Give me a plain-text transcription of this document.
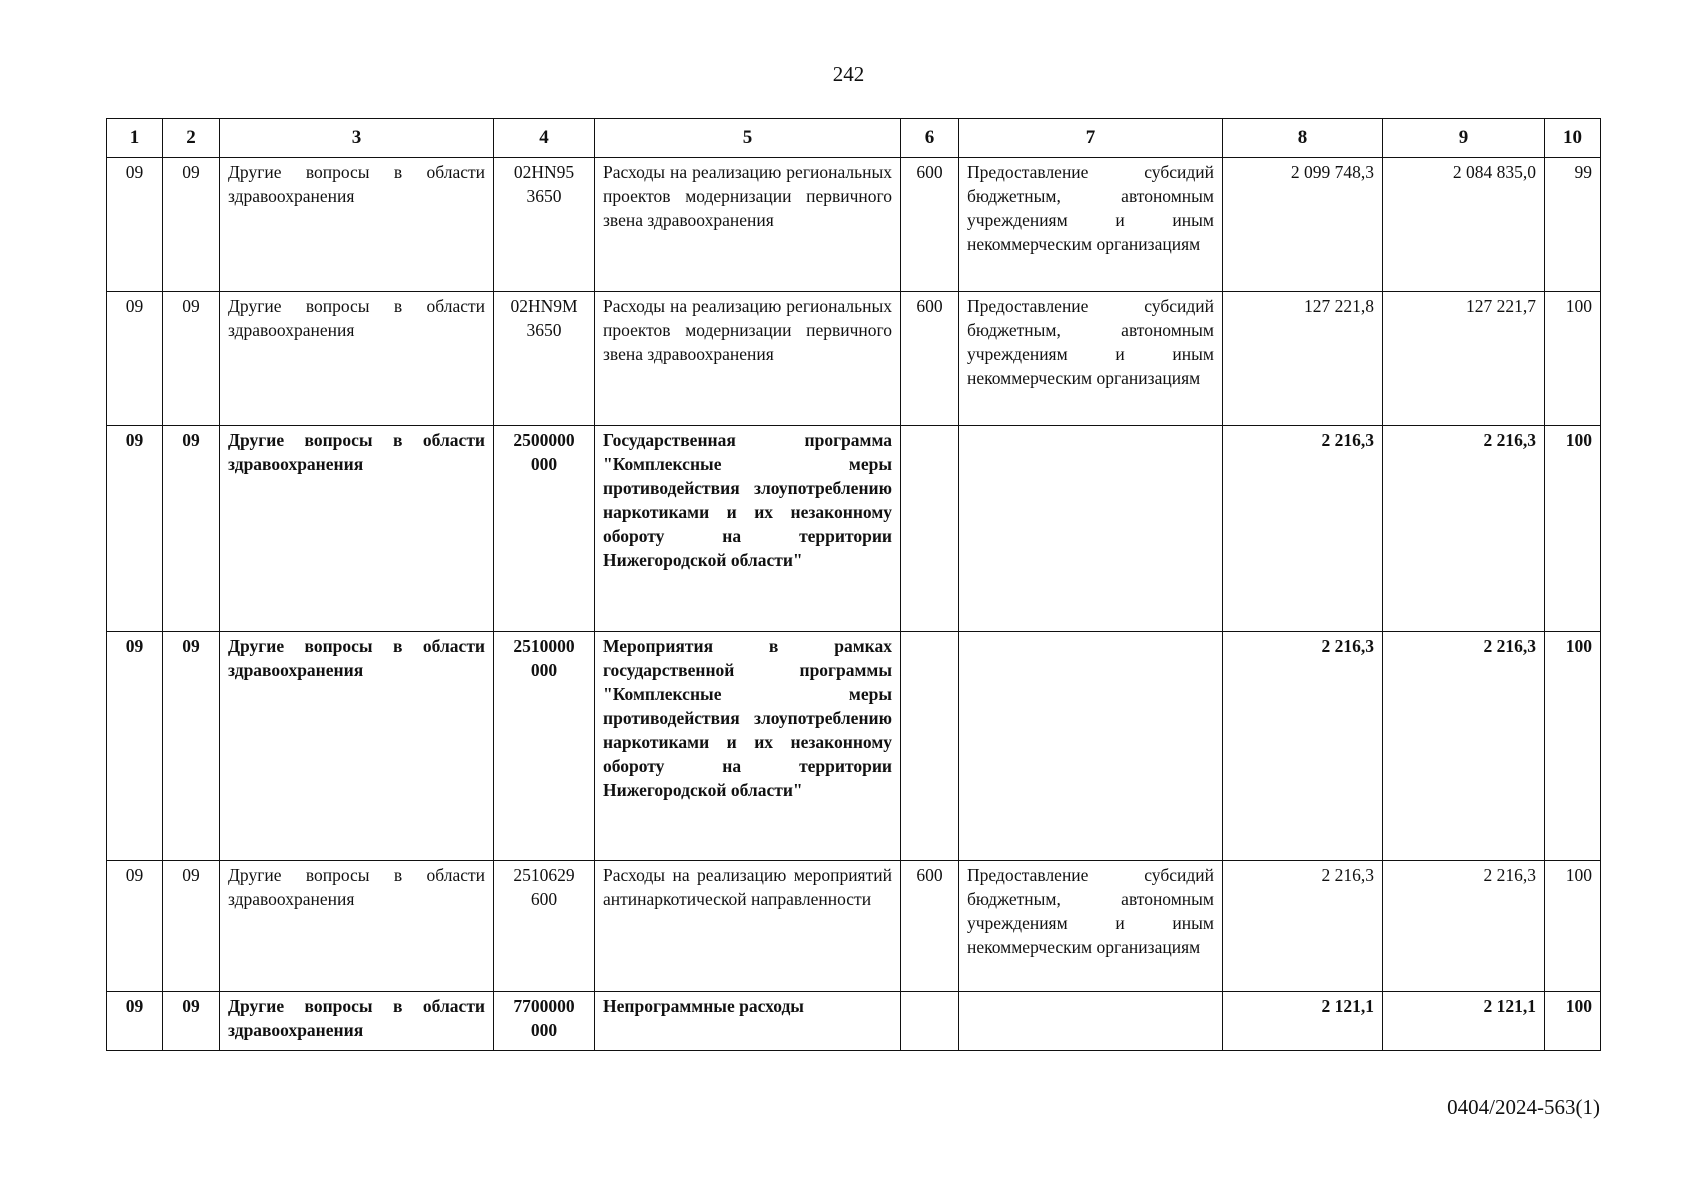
242
1	2	3	4	5	6	7	8	9	10
09	09	Другие вопросы в области здравоохранения	02HN95 3650	Расходы на реализацию региональных проектов модернизации первичного звена здравоохранения	600	Предоставление субсидий бюджетным, автономным учреждениям и иным некоммерческим организациям	2 099 748,3	2 084 835,0	99
09	09	Другие вопросы в области здравоохранения	02HN9M 3650	Расходы на реализацию региональных проектов модернизации первичного звена здравоохранения	600	Предоставление субсидий бюджетным, автономным учреждениям и иным некоммерческим организациям	127 221,8	127 221,7	100
09	09	Другие вопросы в области здравоохранения	2500000 000	Государственная программа "Комплексные меры противодействия злоупотреблению наркотиками и их незаконному обороту на территории Нижегородской области"			2 216,3	2 216,3	100
09	09	Другие вопросы в области здравоохранения	2510000 000	Мероприятия в рамках государственной программы "Комплексные меры противодействия злоупотреблению наркотиками и их незаконному обороту на территории Нижегородской области"			2 216,3	2 216,3	100
09	09	Другие вопросы в области здравоохранения	2510629 600	Расходы на реализацию мероприятий антинаркотической направленности	600	Предоставление субсидий бюджетным, автономным учреждениям и иным некоммерческим организациям	2 216,3	2 216,3	100
09	09	Другие вопросы в области здравоохранения	7700000 000	Непрограммные расходы			2 121,1	2 121,1	100
0404/2024-563(1)
